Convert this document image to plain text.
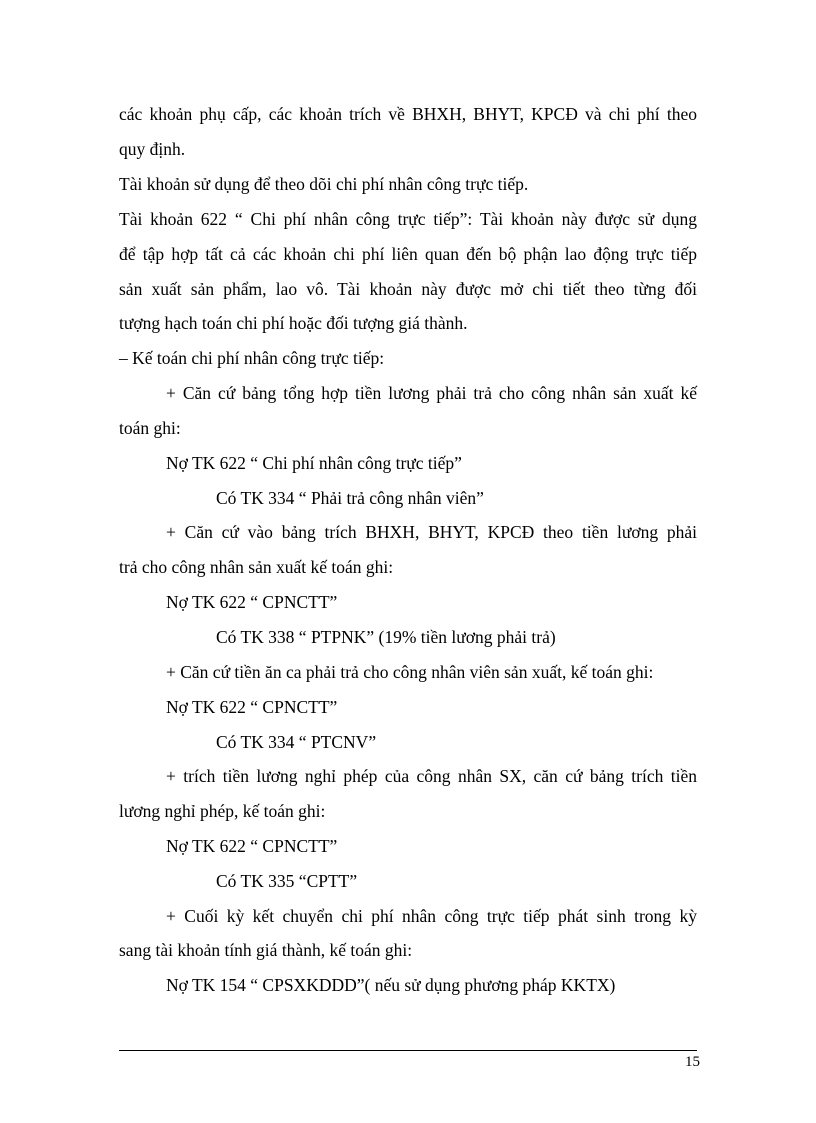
các khoản phụ cấp, các khoản trích về BHXH, BHYT, KPCĐ và chi phí theo
quy định.
Tài khoản sử dụng để theo dõi chi phí nhân công trực tiếp.
Tài khoản 622 “ Chi phí nhân công trực tiếp”: Tài khoản này được sử dụng
để tập hợp tất cả các khoản chi phí liên quan đến bộ phận lao động trực tiếp
sản xuất sản phẩm, lao vô. Tài khoản này được mở chi tiết theo từng đối
tượng hạch toán chi phí hoặc đối tượng giá thành.
– Kế toán chi phí nhân công trực tiếp:
+ Căn cứ bảng tổng hợp tiền lương phải trả cho công nhân sản xuất kế
toán ghi:
Nợ TK 622 “ Chi phí nhân công trực tiếp”
Có TK 334 “ Phải trả công nhân viên”
+ Căn cứ vào bảng trích BHXH, BHYT, KPCĐ theo tiền lương phải
trả cho công nhân sản xuất kế toán ghi:
Nợ TK 622 “ CPNCTT”
Có TK 338 “ PTPNK” (19% tiền lương phải trả)
+ Căn cứ tiền ăn ca phải trả cho công nhân viên sản xuất, kế toán ghi:
Nợ TK 622 “ CPNCTT”
Có TK 334 “ PTCNV”
+ trích tiền lương nghỉ phép của công nhân SX, căn cứ bảng trích tiền
lương nghỉ phép, kế toán ghi:
Nợ TK 622 “ CPNCTT”
Có TK 335 “CPTT”
+ Cuối kỳ kết chuyển chi phí nhân công trực tiếp phát sinh trong kỳ
sang tài khoản tính giá thành, kế toán ghi:
Nợ TK 154 “ CPSXKDDD”( nếu sử dụng phương pháp KKTX)
15
